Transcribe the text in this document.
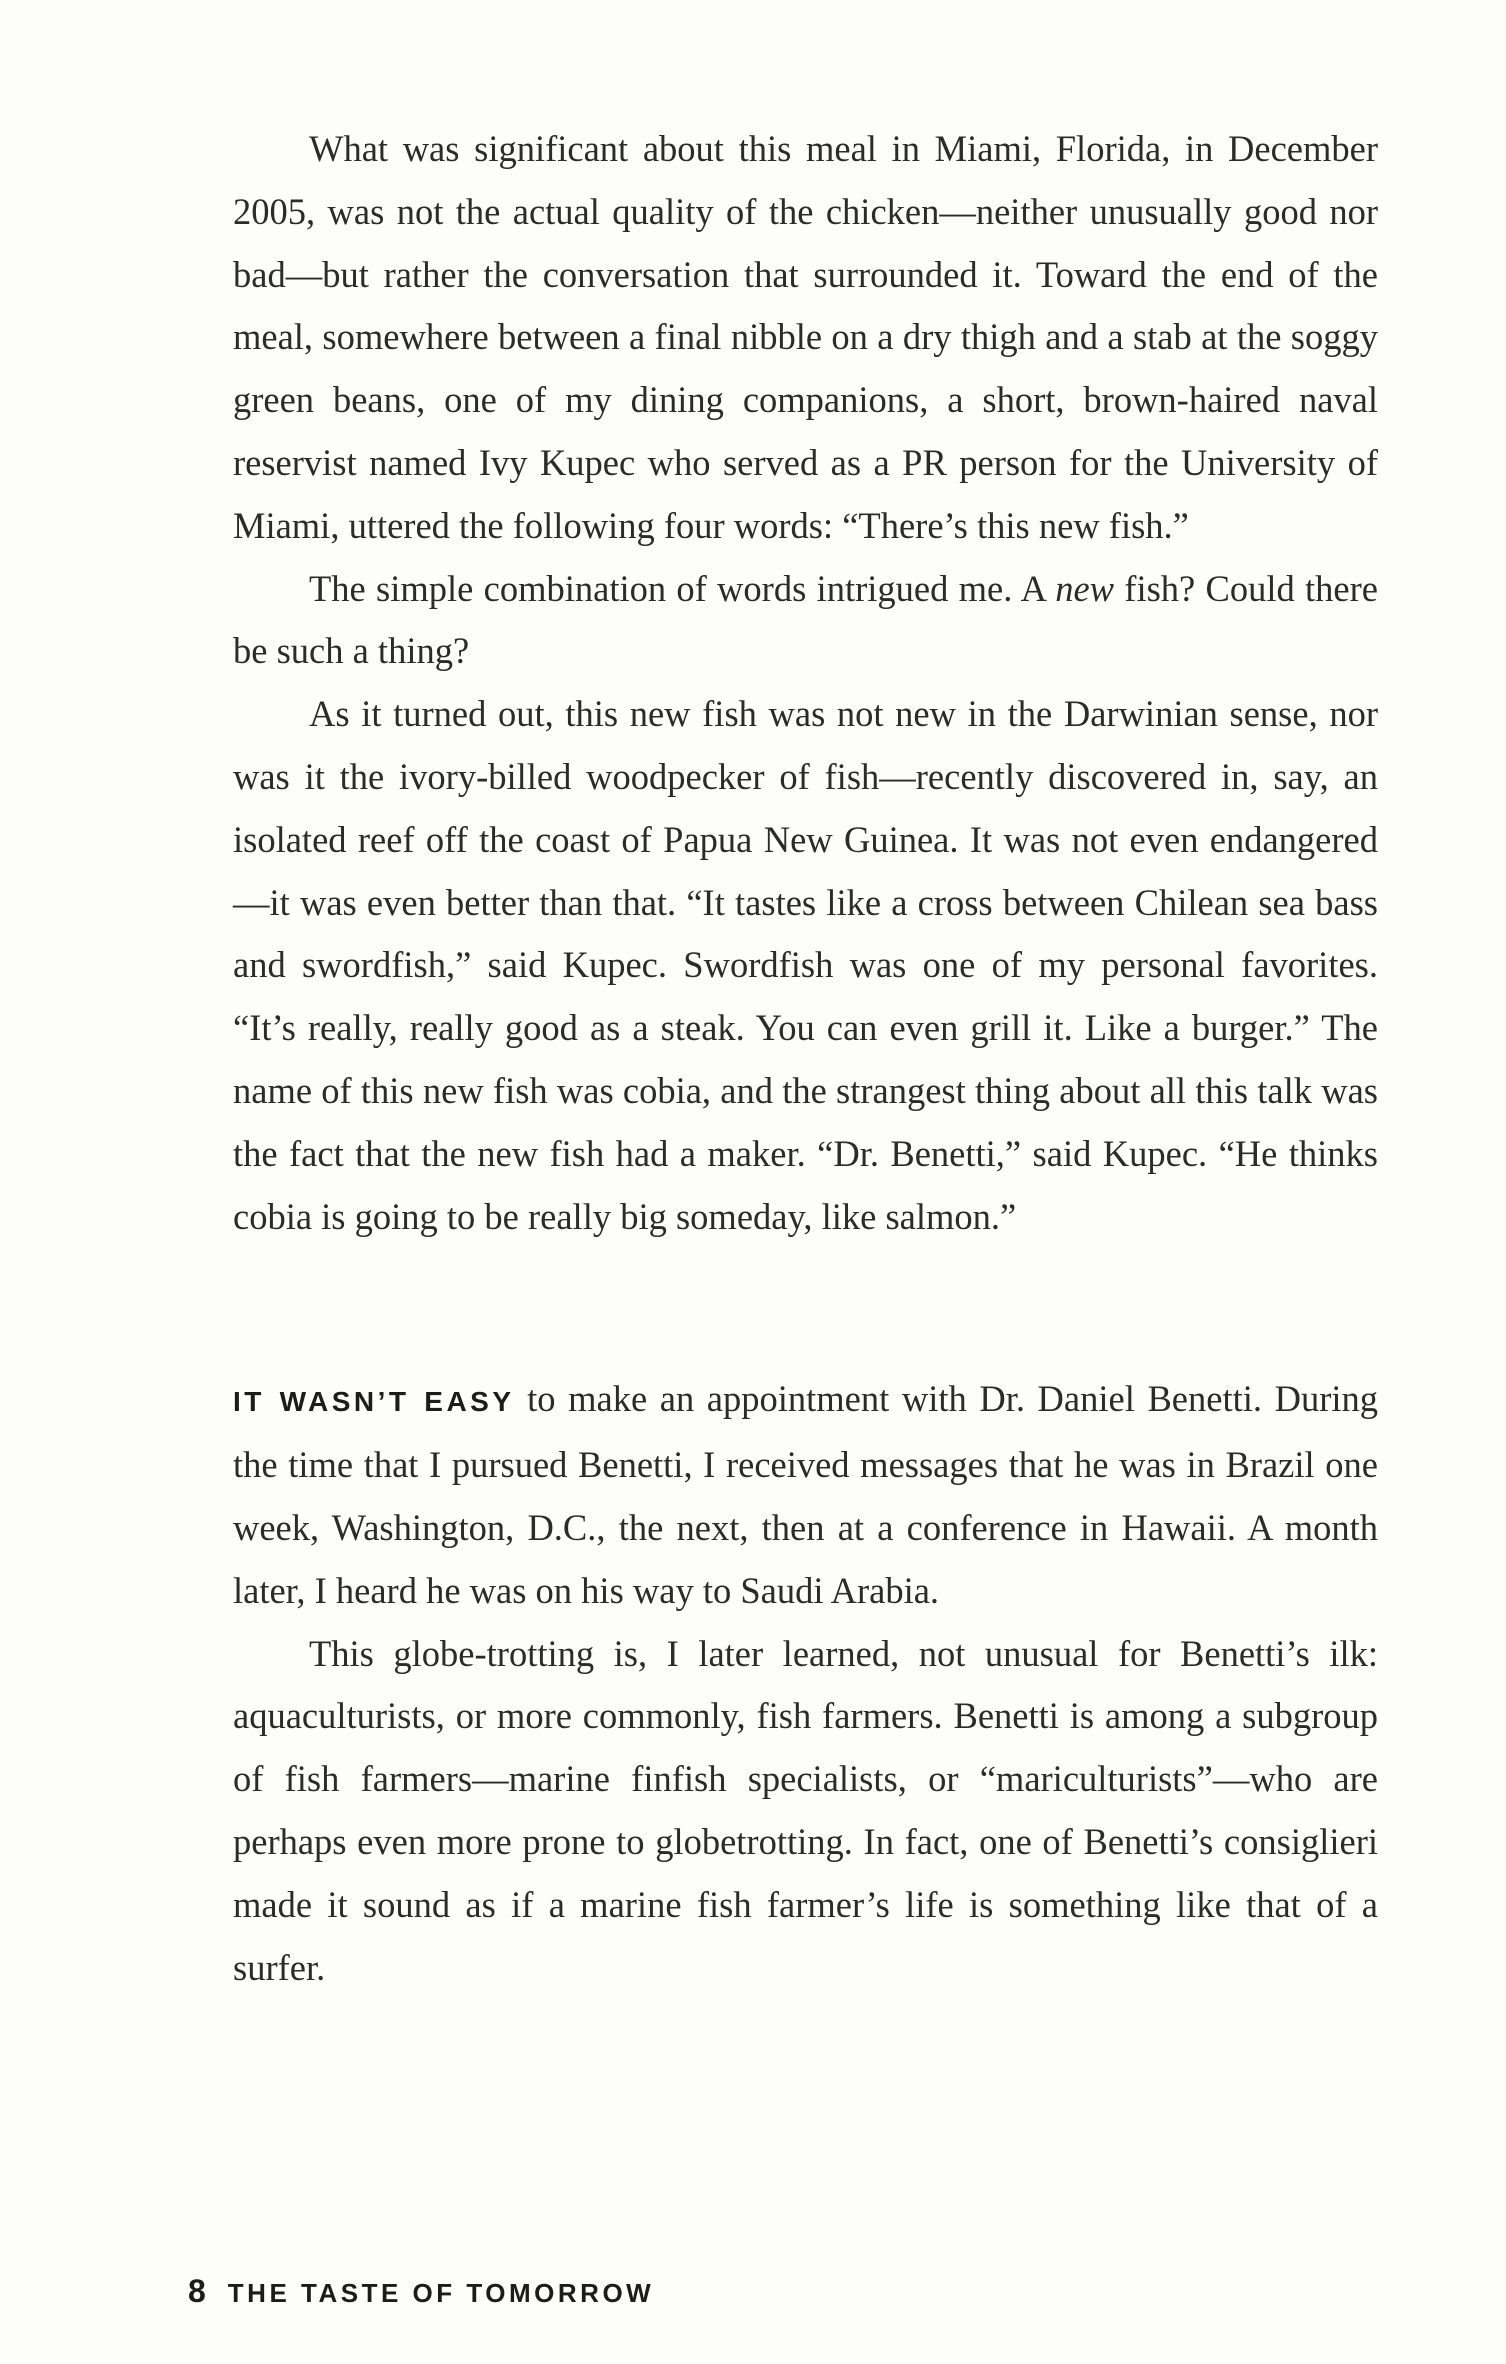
What was significant about this meal in Miami, Florida, in December 2005, was not the actual quality of the chicken—neither unusually good nor bad—but rather the conversation that surrounded it. Toward the end of the meal, somewhere between a final nibble on a dry thigh and a stab at the soggy green beans, one of my dining companions, a short, brown-haired naval reservist named Ivy Kupec who served as a PR person for the University of Miami, uttered the following four words: “There’s this new fish.”

The simple combination of words intrigued me. A new fish? Could there be such a thing?

As it turned out, this new fish was not new in the Darwinian sense, nor was it the ivory-billed woodpecker of fish—recently discovered in, say, an isolated reef off the coast of Papua New Guinea. It was not even endangered—it was even better than that. “It tastes like a cross between Chilean sea bass and swordfish,” said Kupec. Swordfish was one of my personal favorites. “It’s really, really good as a steak. You can even grill it. Like a burger.” The name of this new fish was cobia, and the strangest thing about all this talk was the fact that the new fish had a maker. “Dr. Benetti,” said Kupec. “He thinks cobia is going to be really big someday, like salmon.”

IT WASN’T EASY to make an appointment with Dr. Daniel Benetti. During the time that I pursued Benetti, I received messages that he was in Brazil one week, Washington, D.C., the next, then at a conference in Hawaii. A month later, I heard he was on his way to Saudi Arabia.

This globe-trotting is, I later learned, not unusual for Benetti’s ilk: aquaculturists, or more commonly, fish farmers. Benetti is among a subgroup of fish farmers—marine finfish specialists, or “mariculturists”—who are perhaps even more prone to globetrotting. In fact, one of Benetti’s consiglieri made it sound as if a marine fish farmer’s life is something like that of a surfer.

8 THE TASTE OF TOMORROW
